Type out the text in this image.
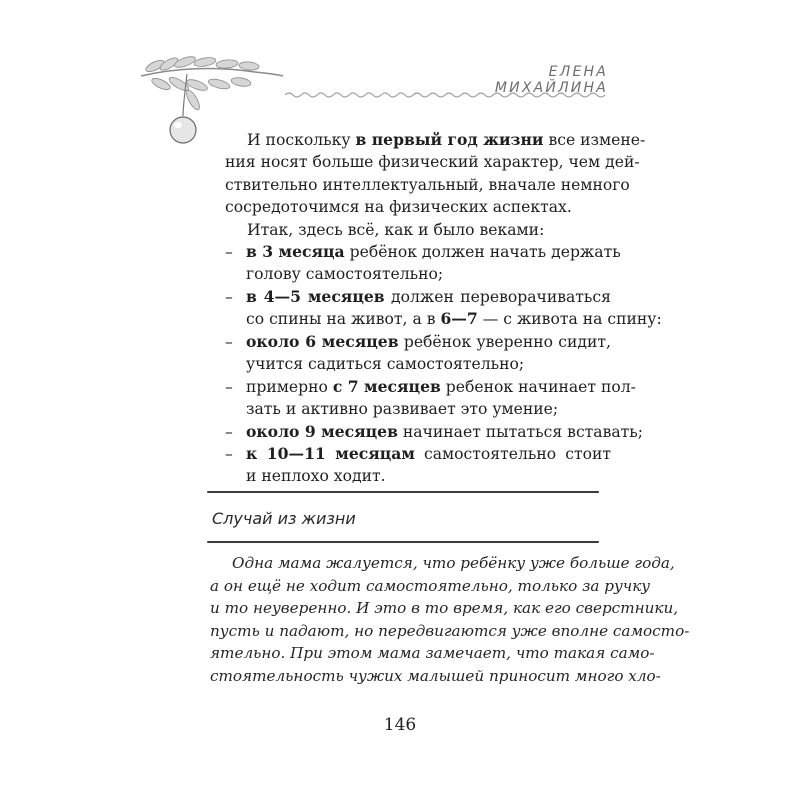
ЕЛЕНА МИХАЙЛИНА
И поскольку в первый год жизни все измене-
ния носят больше физический характер, чем дей-
ствительно интеллектуальный, вначале немного
сосредоточимся на физических аспектах.
Итак, здесь всё, как и было веками:
– в 3 месяца ребёнок должен начать держать
голову самостоятельно;
– в 4—5 месяцев должен переворачиваться
со спины на живот, а в 6—7 — с живота на спину:
– около 6 месяцев ребёнок уверенно сидит,
учится садиться самостоятельно;
– примерно с 7 месяцев ребенок начинает пол-
зать и активно развивает это умение;
– около 9 месяцев начинает пытаться вставать;
– к 10—11 месяцам самостоятельно стоит
и неплохо ходит.
Случай из жизни
Одна мама жалуется, что ребёнку уже больше года,
а он ещё не ходит самостоятельно, только за ручку
и то неуверенно. И это в то время, как его сверстники,
пусть и падают, но передвигаются уже вполне самосто-
ятельно. При этом мама замечает, что такая само-
стоятельность чужих малышей приносит много хло-
146
